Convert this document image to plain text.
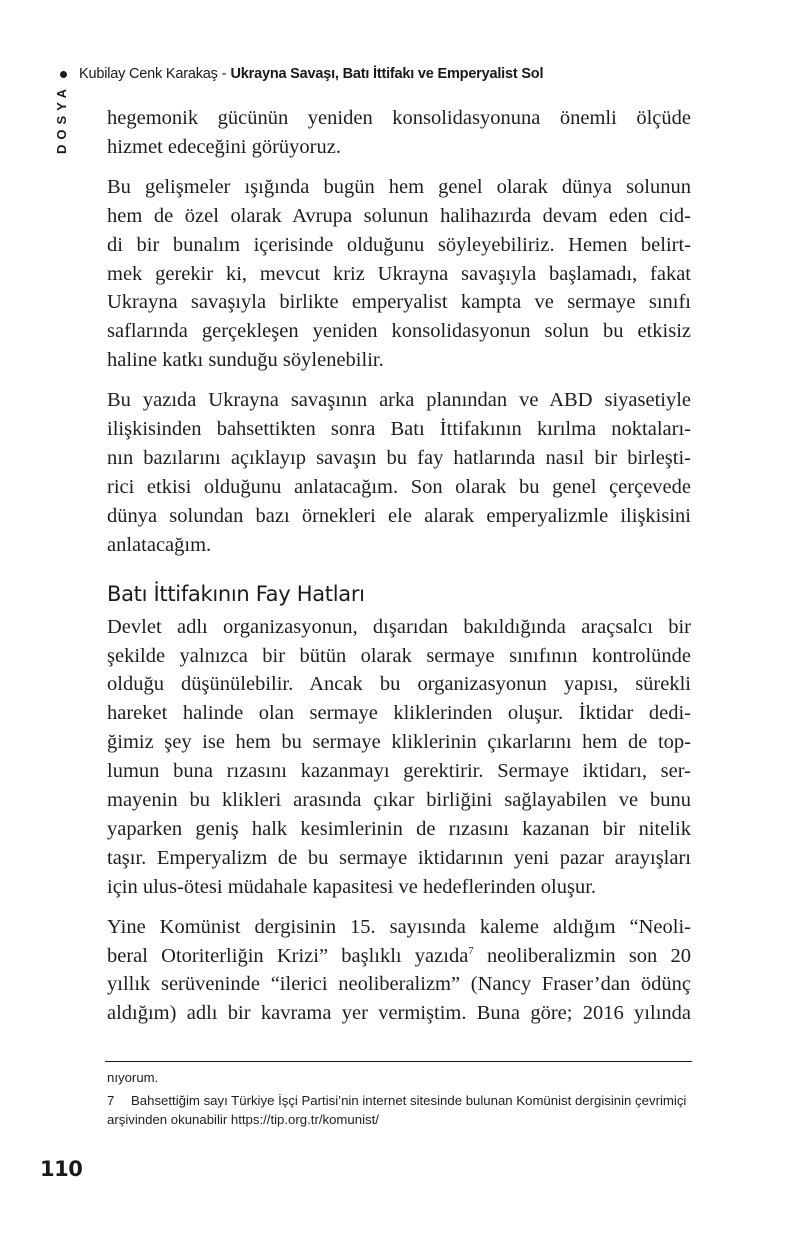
Kubilay Cenk Karakaş - Ukrayna Savaşı, Batı İttifakı ve Emperyalist Sol
DOSYA hegemonik gücünün yeniden konsolidasyonuna önemli ölçüde
hizmet edeceğini görüyoruz.

Bu gelişmeler ışığında bugün hem genel olarak dünya solunun
hem de özel olarak Avrupa solunun halihazırda devam eden cid-
di bir bunalım içerisinde olduğunu söyleyebiliriz. Hemen belirt-
mek gerekir ki, mevcut kriz Ukrayna savaşıyla başlamadı, fakat
Ukrayna savaşıyla birlikte emperyalist kampta ve sermaye sınıfı
saflarında gerçekleşen yeniden konsolidasyonun solun bu etkisiz
haline katkı sunduğu söylenebilir.

Bu yazıda Ukrayna savaşının arka planından ve ABD siyasetiyle
ilişkisinden bahsettikten sonra Batı İttifakının kırılma noktaları-
nın bazılarını açıklayıp savaşın bu fay hatlarında nasıl bir birleşti-
rici etkisi olduğunu anlatacağım. Son olarak bu genel çerçevede
dünya solundan bazı örnekleri ele alarak emperyalizmle ilişkisini
anlatacağım.

Batı İttifakının Fay Hatları

Devlet adlı organizasyonun, dışarıdan bakıldığında araçsalcı bir
şekilde yalnızca bir bütün olarak sermaye sınıfının kontrolünde
olduğu düşünülebilir. Ancak bu organizasyonun yapısı, sürekli
hareket halinde olan sermaye kliklerinden oluşur. İktidar dedi-
ğimiz şey ise hem bu sermaye kliklerinin çıkarlarını hem de top-
lumun buna rızasını kazanmayı gerektirir. Sermaye iktidarı, ser-
mayenin bu klikleri arasında çıkar birliğini sağlayabilen ve bunu
yaparken geniş halk kesimlerinin de rızasını kazanan bir nitelik
taşır. Emperyalizm de bu sermaye iktidarının yeni pazar arayışları
için ulus-ötesi müdahale kapasitesi ve hedeflerinden oluşur.

Yine Komünist dergisinin 15. sayısında kaleme aldığım “Neoli-
beral Otoriterliğin Krizi” başlıklı yazıda$^7$ neoliberalizmin son 20
yıllık serüveninde “ilerici neoliberalizm” (Nancy Fraser’dan ödünç
aldığım) adlı bir kavrama yer vermiştim. Buna göre; 2016 yılında

nıyorum.

7 Bahsettiğim sayı Türkiye İşçi Partisi’nin internet sitesinde bulunan Komünist dergisinin çevrimiçi arşivinden okunabilir https://tip.org.tr/komunist/

110
